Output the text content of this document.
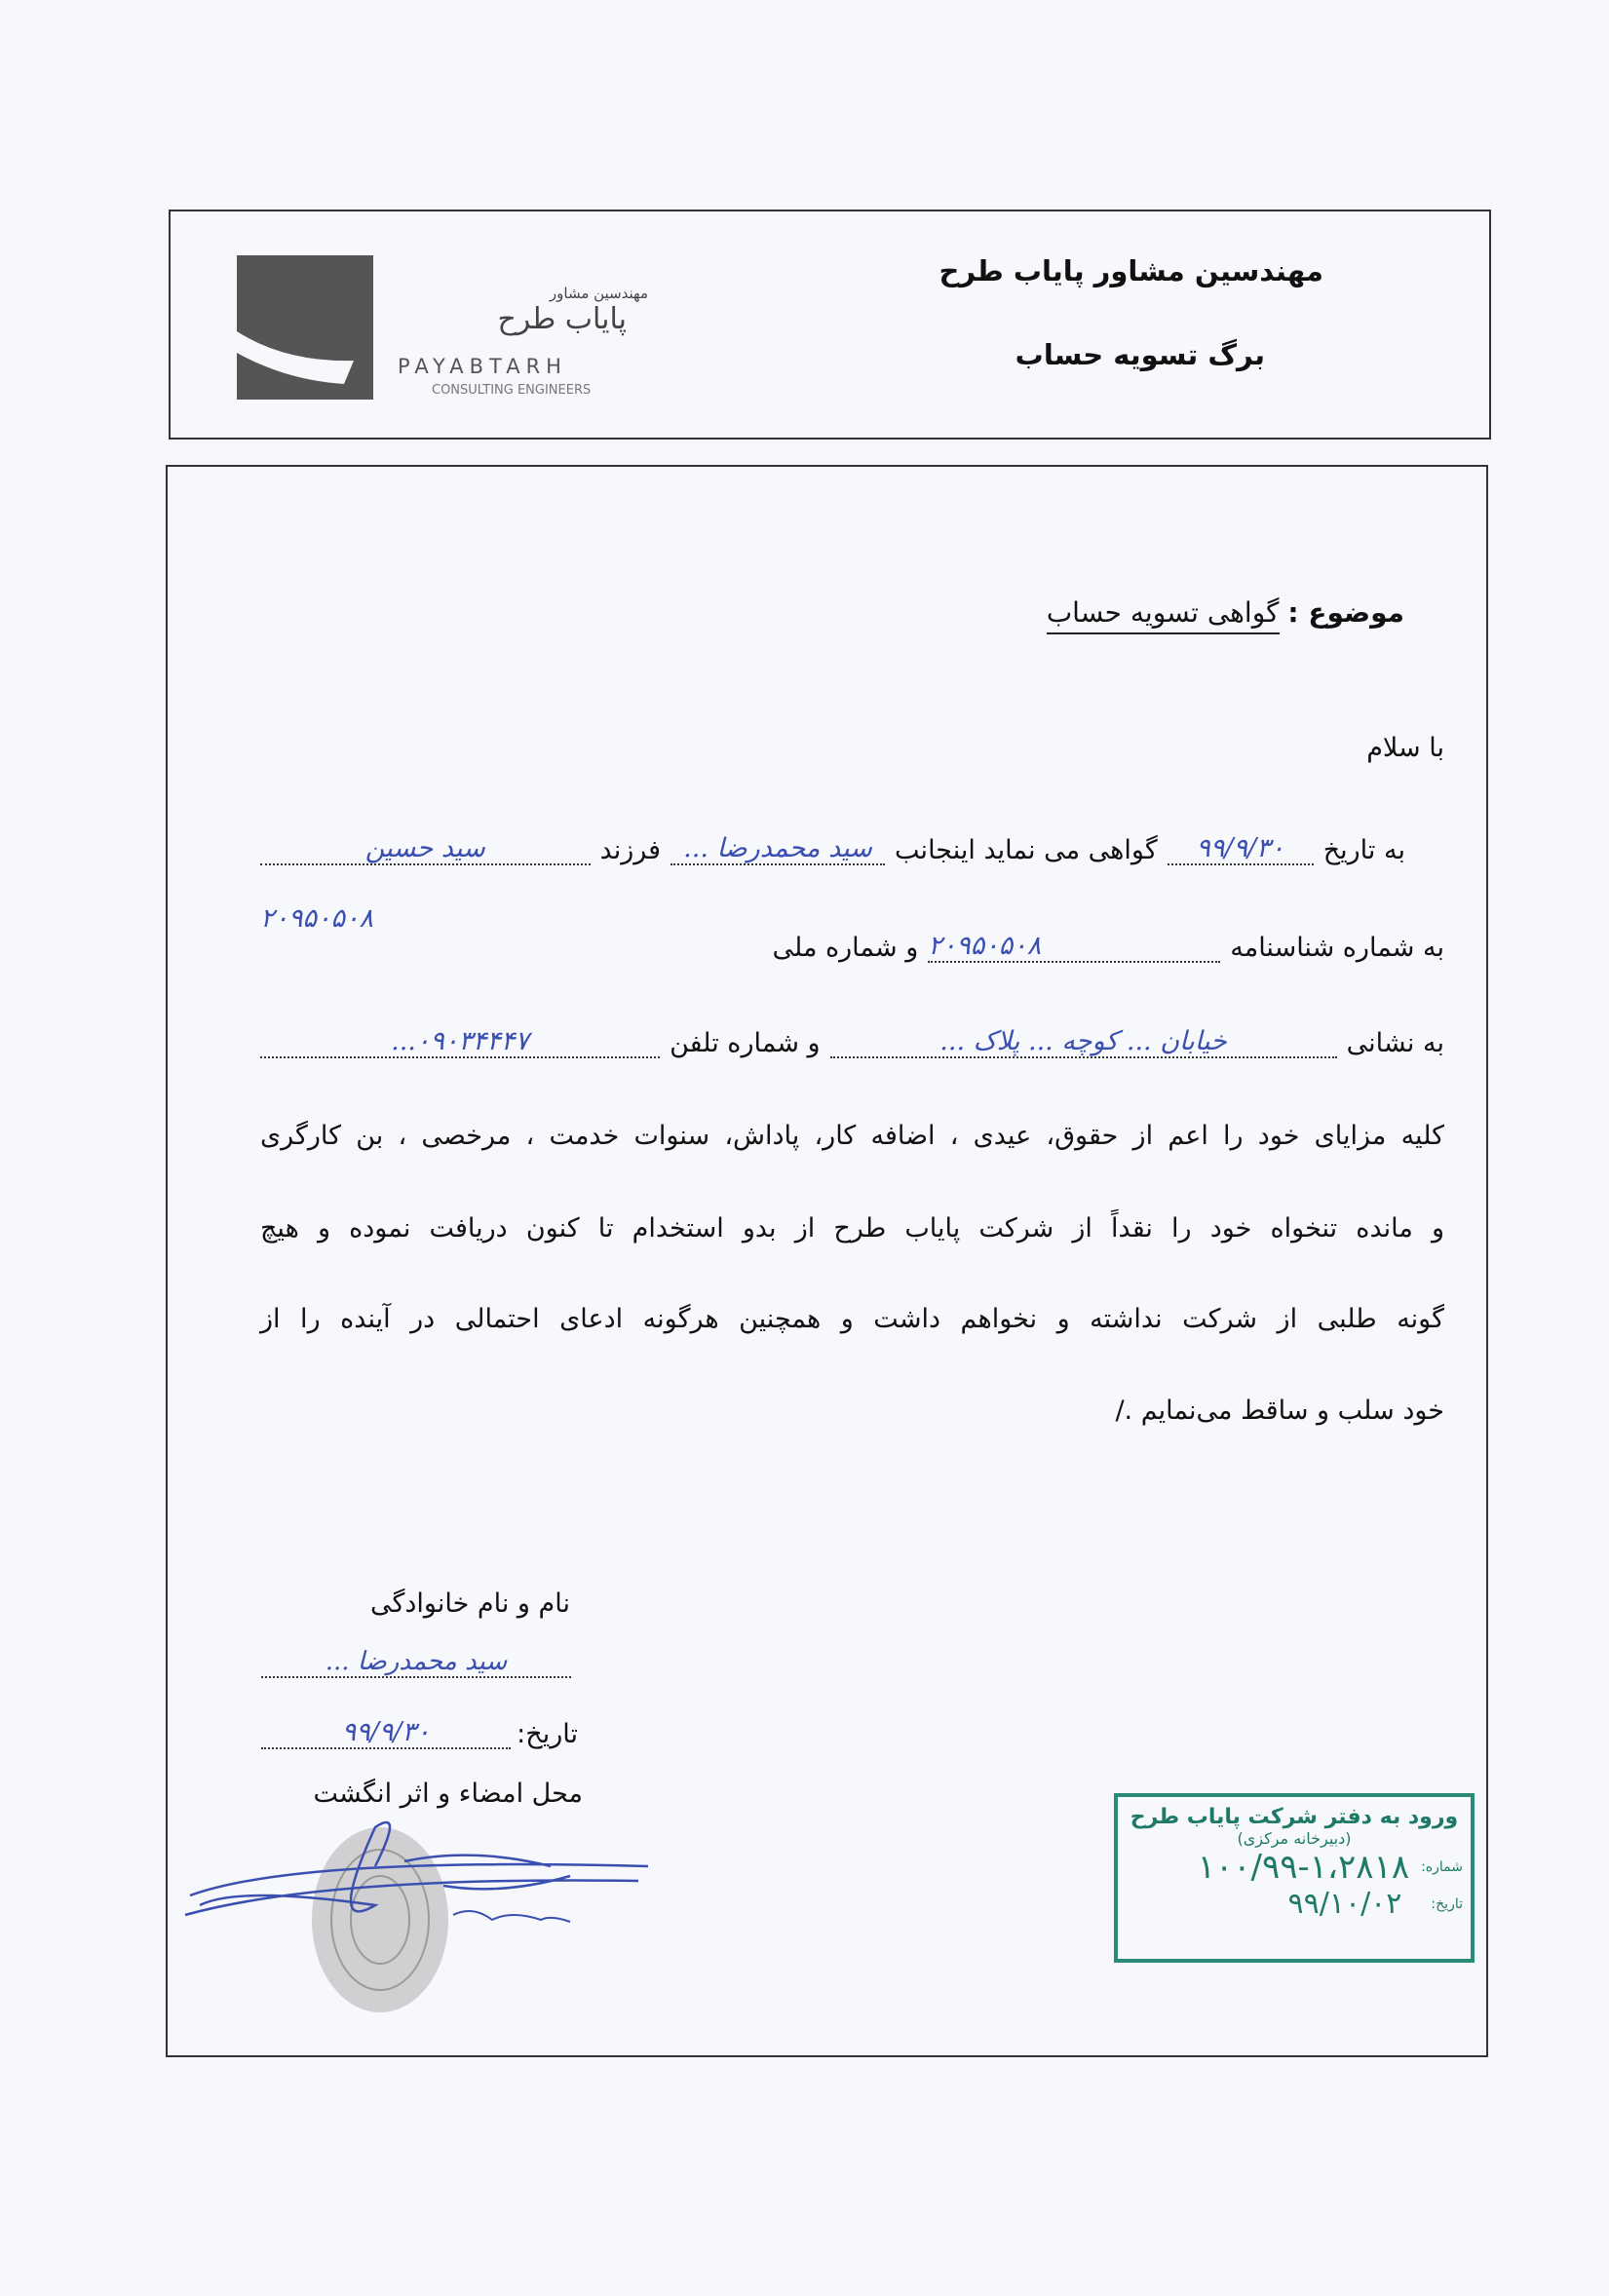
مهندسین مشاور
پایاب طرح
PAYABTARH
CONSULTING ENGINEERS
مهندسین مشاور پایاب طرح
برگ تسویه حساب
موضوع : گواهی تسویه حساب
با سلام
به تاریخ
۹۹/۹/۳۰
گواهی می نماید اینجانب
سید محمدرضا ...
فرزند
سید حسین
به شماره شناسنامه
۲۰۹۵۰۵۰۸
و شماره ملی
۲۰۹۵۰۵۰۸
به نشانی
خیابان ... کوچه ... پلاک ...
و شماره تلفن
۰۹۰۳۴۴۴۷...
کلیه مزایای خود را اعم از حقوق، عیدی ، اضافه کار، پاداش، سنوات خدمت ، مرخصی ، بن کارگری
و مانده تنخواه خود را نقداً از شرکت پایاب طرح از بدو استخدام تا کنون دریافت نموده و هیچ
گونه طلبی از شرکت نداشته و نخواهم داشت و همچنین هرگونه ادعای احتمالی در آینده را از
خود سلب و ساقط می‌نمایم ./
نام و نام خانوادگی
سید محمدرضا ...
تاریخ:
۹۹/۹/۳۰
محل امضاء و اثر انگشت
ورود به دفتر شرکت پایاب طرح
(دبیرخانه مرکزی)
شماره:
۱۰۰/۹۹-۱،۲۸۱۸
تاریخ:
۹۹/۱۰/۰۲
